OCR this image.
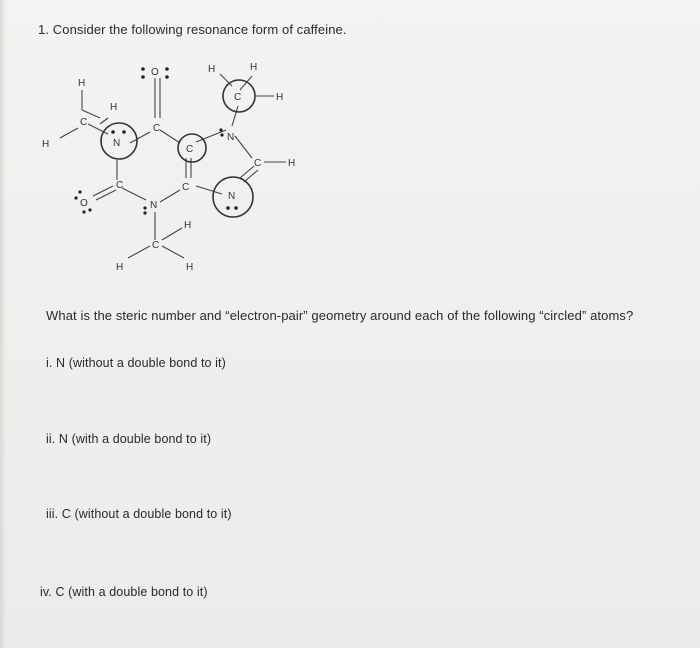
1. Consider the following resonance form of caffeine.
H
C
H
H	N
C
O
C
C
C
O	N
C
H	H
H
N
C
H	H
H
C	H
N
What is the steric number and “electron-pair” geometry around each of the following “circled” atoms?
i. N (without a double bond to it)
ii. N (with a double bond to it)
iii. C (without a double bond to it)
iv. C (with a double bond to it)
